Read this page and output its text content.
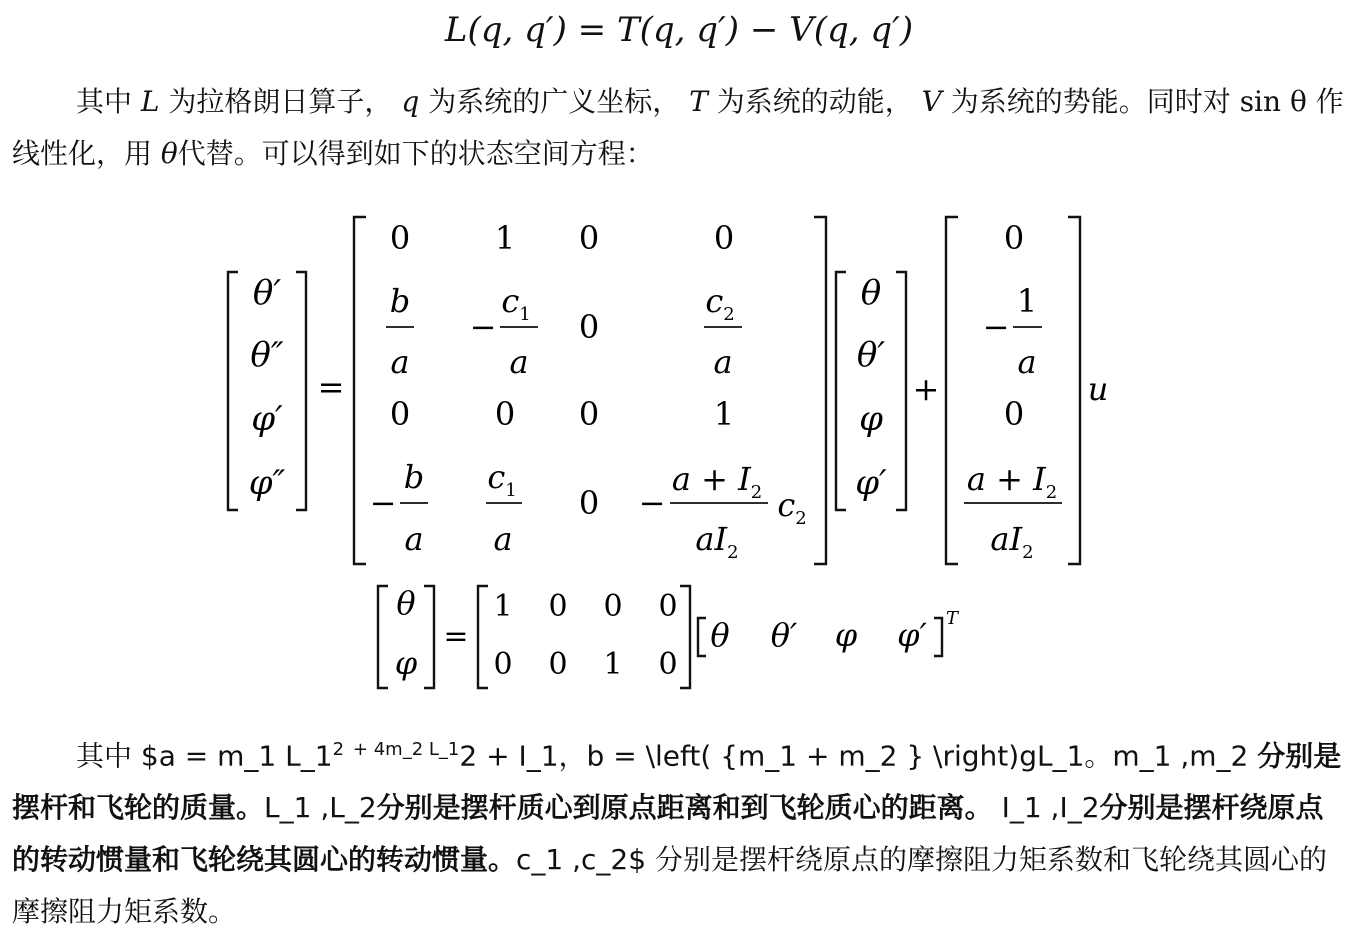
L(q, q′) = T(q, q′) − V(q, q′)
其中 L 为拉格朗日算子， q 为系统的广义坐标， T 为系统的动能， V 为系统的势能。同时对 sin θ 作线性化，用 θ代替。可以得到如下的状态空间方程：
θ′
θ″
φ′
φ″
=
0	1 0	0
b
a
−
$c_1$
a
0
$c_2$
a
0	0 0	1
−
b
a
$c_1$
a
0 −
$a + I_2$
$aI_2$
$c_2$
θ
θ′
φ
φ′
+
0
−
1
a
0
$a + I_2$
$aI_2$
u
θ
φ
=
1 0 0 0
0 0 1 0
θ θ′ φ φ′ T
其中 $a = m_1 $L\_1^2$ $^{+ 4m\_2 L\_1}$2 + I_1，b = \left( {m_1 + m_2 } \right)gL_1。m_1 ,m_2 分别是摆杆和飞轮的质量。L_1 ,L_2分别是摆杆质心到原点距离和到飞轮质心的距离。 I_1 ,I_2分别是摆杆绕原点的转动惯量和飞轮绕其圆心的转动惯量。c_1 ,c_2$ 分别是摆杆绕原点的摩擦阻力矩系数和飞轮绕其圆心的摩擦阻力矩系数。
